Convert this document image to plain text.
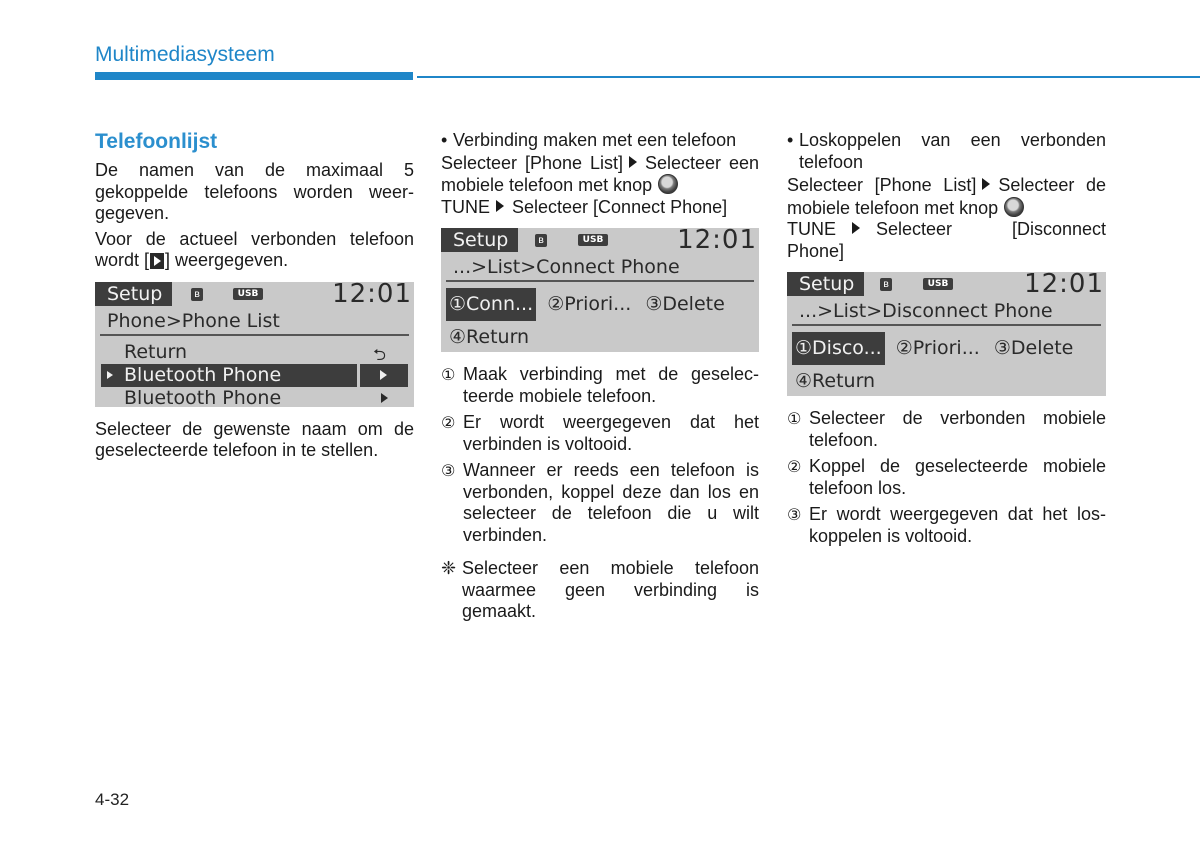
Multimediasysteem
Telefoonlijst

De namen van de maximaal 5 gekoppelde telefoons worden weer-gegeven.

Voor de actueel verbonden telefoon wordt [ ] weergegeven.

Setup	ʙ	USB	12:01
Phone>Phone List
Return	⮌
Bluetooth Phone
Bluetooth Phone

Selecteer de gewenste naam om de geselecteerde telefoon in te stellen.

• Verbinding maken met een telefoon

Selecteer [Phone List] Selecteer een mobiele telefoon met knop
TUNE Selecteer [Connect Phone]

Setup	ʙ	USB	12:01
...>List>Connect Phone
①Conn... ②Priori... ③Delete
④Return
① Maak verbinding met de geselec-teerde mobiele telefoon.
② Er wordt weergegeven dat het verbinden is voltooid.
③ Wanneer er reeds een telefoon is verbonden, koppel deze dan los en selecteer de telefoon die u wilt verbinden.
❈ Selecteer een mobiele telefoon waarmee geen verbinding is gemaakt.
• Loskoppelen van een verbonden telefoon

Selecteer [Phone List] Selecteer de mobiele telefoon met knop
TUNE Selecteer [Disconnect Phone]

Setup	ʙ	USB	12:01
...>List>Disconnect Phone
①Disco... ②Priori... ③Delete
④Return
① Selecteer de verbonden mobiele telefoon.
② Koppel de geselecteerde mobiele telefoon los.
③ Er wordt weergegeven dat het los-koppelen is voltooid.
4-32
